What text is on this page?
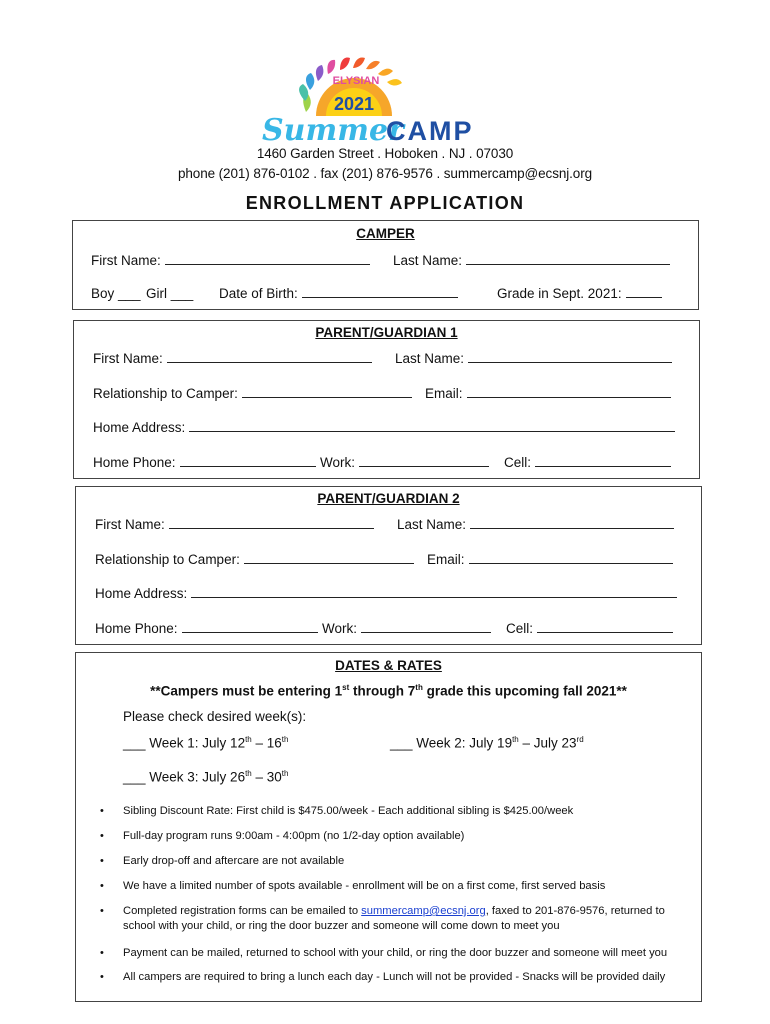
ELYSIAN
2021
Summer
CAMP
1460 Garden Street . Hoboken . NJ . 07030
phone (201) 876-0102 . fax (201) 876-9576 . summercamp@ecsnj.org
ENROLLMENT APPLICATION
CAMPER
First Name:	Last Name:
Boy ___ Girl ___ Date of Birth:	Grade in Sept. 2021:
PARENT/GUARDIAN 1
First Name:	Last Name:
Relationship to Camper:	Email:
Home Address:
Home Phone:	Work:	Cell:
PARENT/GUARDIAN 2
First Name:	Last Name:
Relationship to Camper:	Email:
Home Address:
Home Phone:	Work:	Cell:
DATES & RATES
**Campers must be entering 1st through 7th grade this upcoming fall 2021**
Please check desired week(s):
___ Week 1: July 12th – 16th	___ Week 2: July 19th – July 23rd
___ Week 3: July 26th – 30th
• Sibling Discount Rate: First child is $475.00/week - Each additional sibling is $425.00/week
• Full-day program runs 9:00am - 4:00pm (no 1/2-day option available)
• Early drop-off and aftercare are not available
• We have a limited number of spots available - enrollment will be on a first come, first served basis
• Completed registration forms can be emailed to summercamp@ecsnj.org, faxed to 201-876-9576, returned to school with your child, or ring the door buzzer and someone will come down to meet you
• Payment can be mailed, returned to school with your child, or ring the door buzzer and someone will meet you
• All campers are required to bring a lunch each day - Lunch will not be provided - Snacks will be provided daily
